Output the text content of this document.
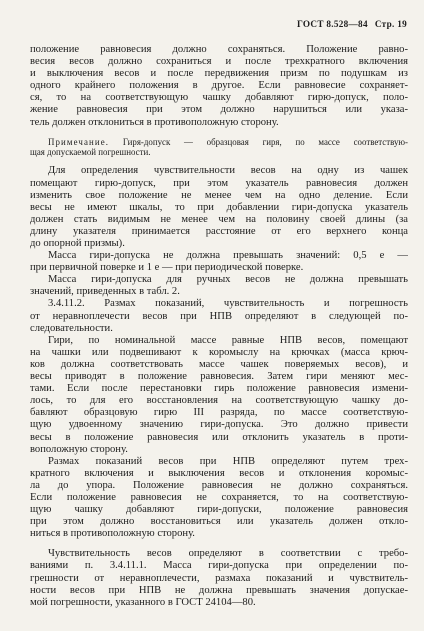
ГОСТ 8.528—84 Стр. 19
положение равновесия должно сохраняться. Положение равно-
весия весов должно сохраниться и после трехкратного включения
и выключения весов и после передвижения призм по подушкам из
одного крайнего положения в другое. Если равновесие сохраняет-
ся, то на соответствующую чашку добавляют гирю-допуск, поло-
жение равновесия при этом должно нарушиться или указа-
тель должен отклониться в противоположную сторону.
Примечание. Гиря-допуск — образцовая гиря, по массе соответствую-
щая допускаемой погрешности.
Для определения чувствительности весов на одну из чашек
помещают гирю-допуск, при этом указатель равновесия должен
изменить свое положение не менее чем на одно деление. Если
весы не имеют шкалы, то при добавлении гири-допуска указатель
должен стать видимым не менее чем на половину своей длины (за
длину указателя принимается расстояние от его верхнего конца
до опорной призмы).
Масса гири-допуска не должна превышать значений: 0,5 e —
при первичной поверке и 1 e — при периодической поверке.
Масса гири-допуска для ручных весов не должна превышать
значений, приведенных в табл. 2.
3.4.11.2. Размах показаний, чувствительность и погрешность
от неравноплечести весов при НПВ определяют в следующей по-
следовательности.
Гири, по номинальной массе равные НПВ весов, помещают
на чашки или подвешивают к коромыслу на крючках (масса крюч-
ков должна соответствовать массе чашек поверяемых весов), и
весы приводят в положение равновесия. Затем гири меняют мес-
тами. Если после перестановки гирь положение равновесия измени-
лось, то для его восстановления на соответствующую чашку до-
бавляют образцовую гирю III разряда, по массе соответствую-
щую удвоенному значению гири-допуска. Это должно привести
весы в положение равновесия или отклонить указатель в проти-
воположную сторону.
Размах показаний весов при НПВ определяют путем трех-
кратного включения и выключения весов и отклонения коромыс-
ла до упора. Положение равновесия не должно сохраняться.
Если положение равновесия не сохраняется, то на соответствую-
щую чашку добавляют гири-допуски, положение равновесия
при этом должно восстановиться или указатель должен откло-
ниться в противоположную сторону.
Чувствительность весов определяют в соответствии с требо-
ваниями п. 3.4.11.1. Масса гири-допуска при определении по-
грешности от неравноплечести, размаха показаний и чувствитель-
ности весов при НПВ не должна превышать значения допускае-
мой погрешности, указанного в ГОСТ 24104—80.
